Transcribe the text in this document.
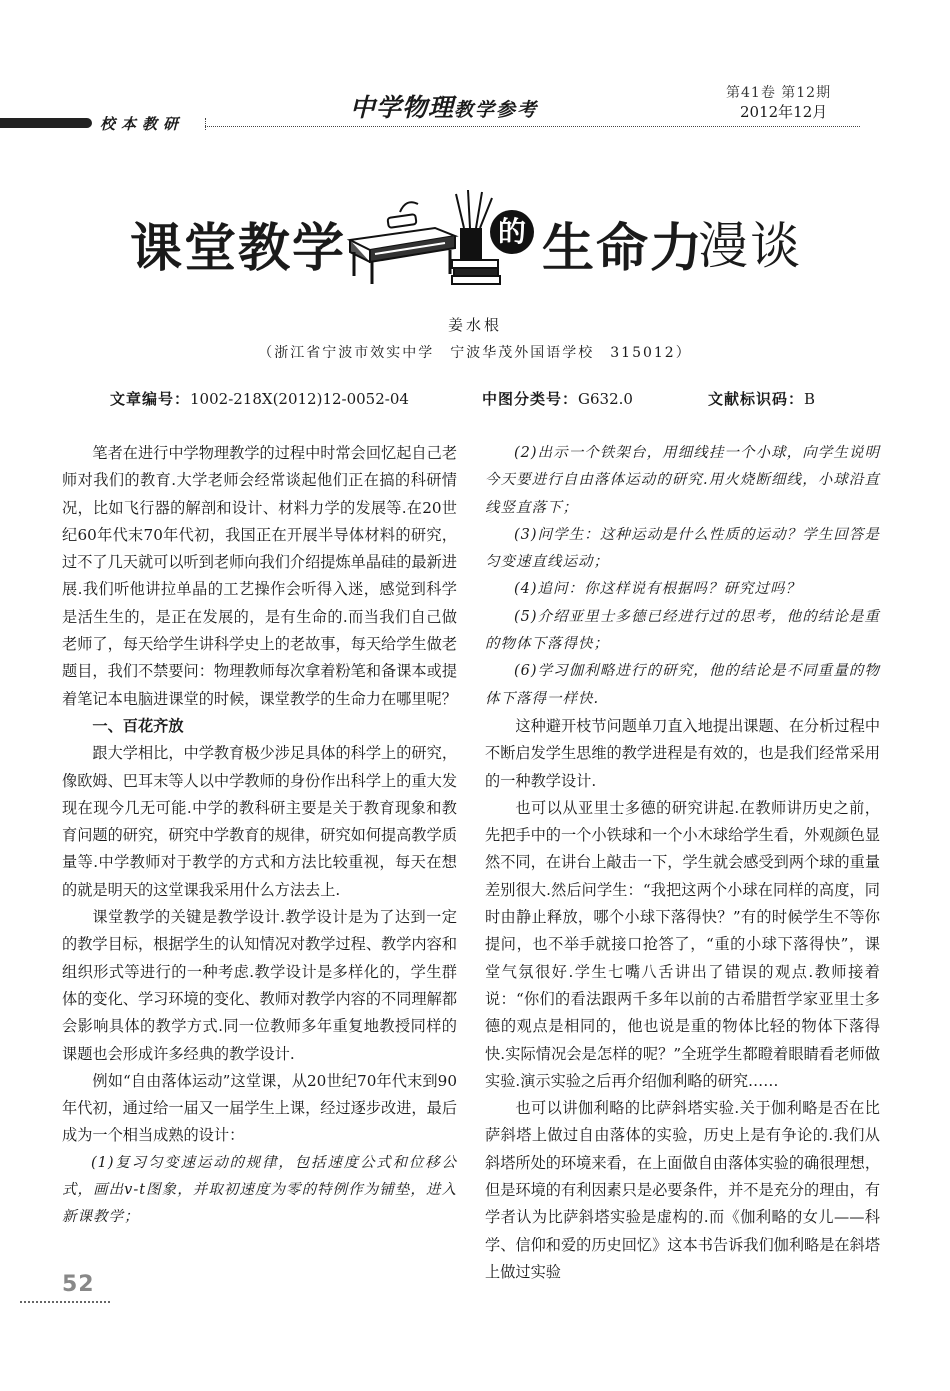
校本教研
中学物理教学参考
第41卷 第12期
2012年12月
课堂教学	的 生命力
漫谈
姜水根
（浙江省宁波市效实中学　宁波华茂外国语学校　315012）
文章编号：1002-218X(2012)12-0052-04	中图分类号：G632.0	文献标识码：B

笔者在进行中学物理教学的过程中时常会回忆起自己老师对我们的教育.大学老师会经常谈起他们正在搞的科研情况，比如飞行器的解剖和设计、材料力学的发展等.在20世纪60年代末70年代初，我国正在开展半导体材料的研究，过不了几天就可以听到老师向我们介绍提炼单晶硅的最新进展.我们听他讲拉单晶的工艺操作会听得入迷，感觉到科学是活生生的，是正在发展的，是有生命的.而当我们自己做老师了，每天给学生讲科学史上的老故事，每天给学生做老题目，我们不禁要问：物理教师每次拿着粉笔和备课本或提着笔记本电脑进课堂的时候，课堂教学的生命力在哪里呢？

一、百花齐放

跟大学相比，中学教育极少涉足具体的科学上的研究，像欧姆、巴耳末等人以中学教师的身份作出科学上的重大发现在现今几无可能.中学的教科研主要是关于教育现象和教育问题的研究，研究中学教育的规律，研究如何提高教学质量等.中学教师对于教学的方式和方法比较重视，每天在想的就是明天的这堂课我采用什么方法去上.

课堂教学的关键是教学设计.教学设计是为了达到一定的教学目标，根据学生的认知情况对教学过程、教学内容和组织形式等进行的一种考虑.教学设计是多样化的，学生群体的变化、学习环境的变化、教师对教学内容的不同理解都会影响具体的教学方式.同一位教师多年重复地教授同样的课题也会形成许多经典的教学设计.

例如“自由落体运动”这堂课，从20世纪70年代末到90年代初，通过给一届又一届学生上课，经过逐步改进，最后成为一个相当成熟的设计：

(1)复习匀变速运动的规律，包括速度公式和位移公式，画出v-t图象，并取初速度为零的特例作为铺垫，进入新课教学；

(2)出示一个铁架台，用细线挂一个小球，向学生说明今天要进行自由落体运动的研究.用火烧断细线，小球沿直线竖直落下；

(3)问学生：这种运动是什么性质的运动？学生回答是匀变速直线运动；

(4)追问：你这样说有根据吗？研究过吗？

(5)介绍亚里士多德已经进行过的思考，他的结论是重的物体下落得快；

(6)学习伽利略进行的研究，他的结论是不同重量的物体下落得一样快.

这种避开枝节问题单刀直入地提出课题、在分析过程中不断启发学生思维的教学进程是有效的，也是我们经常采用的一种教学设计.

也可以从亚里士多德的研究讲起.在教师讲历史之前，先把手中的一个小铁球和一个小木球给学生看，外观颜色显然不同，在讲台上敲击一下，学生就会感受到两个球的重量差别很大.然后问学生：“我把这两个小球在同样的高度，同时由静止释放，哪个小球下落得快？”有的时候学生不等你提问，也不举手就接口抢答了，“重的小球下落得快”，课堂气氛很好.学生七嘴八舌讲出了错误的观点.教师接着说：“你们的看法跟两千多年以前的古希腊哲学家亚里士多德的观点是相同的，他也说是重的物体比轻的物体下落得快.实际情况会是怎样的呢？”全班学生都瞪着眼睛看老师做实验.演示实验之后再介绍伽利略的研究……

也可以讲伽利略的比萨斜塔实验.关于伽利略是否在比萨斜塔上做过自由落体的实验，历史上是有争论的.我们从斜塔所处的环境来看，在上面做自由落体实验的确很理想，但是环境的有利因素只是必要条件，并不是充分的理由，有学者认为比萨斜塔实验是虚构的.而《伽利略的女儿——科学、信仰和爱的历史回忆》这本书告诉我们伽利略是在斜塔上做过实验

52
